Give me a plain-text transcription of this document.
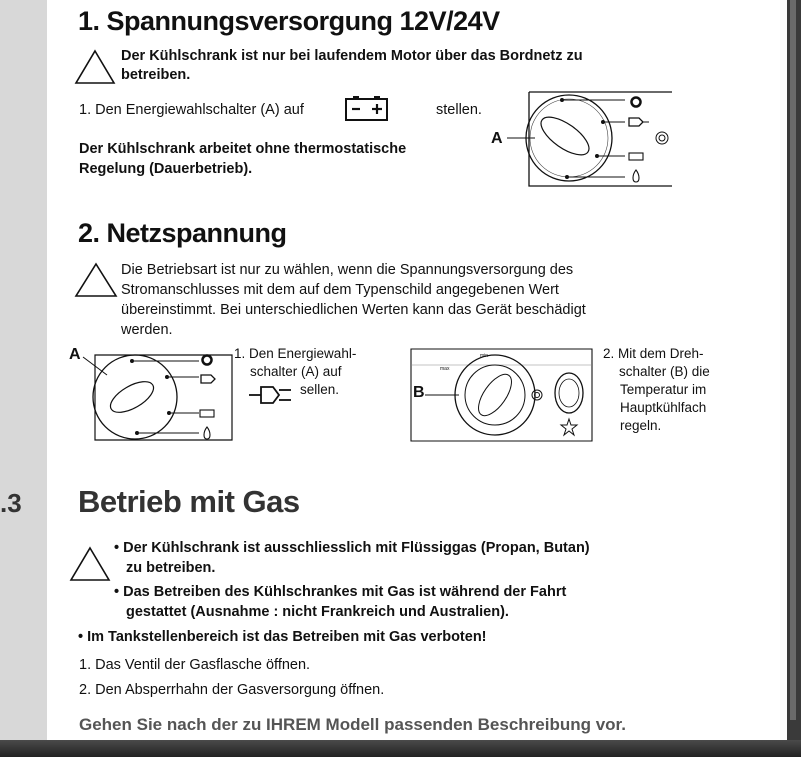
.3
1. Spannungsversorgung 12V/24V
Der Kühlschrank ist nur bei laufendem Motor über das Bordnetz zu
betreiben.
1. Den Energiewahlschalter (A) auf	stellen.
Der Kühlschrank arbeitet ohne thermostatische
Regelung (Dauerbetrieb).
A
2. Netzspannung
Die Betriebsart ist nur zu wählen, wenn die Spannungsversorgung des
Stromanschlusses mit dem auf dem Typenschild angegebenen Wert
übereinstimmt. Bei unterschiedlichen Werten kann das Gerät beschädigt
werden.
A	1. Den Energiewahl-
schalter (A) auf
sellen.	B
min
max
2. Mit dem Dreh-
schalter (B) die
Temperatur im
Hauptkühlfach
regeln.
Betrieb mit Gas
• Der Kühlschrank ist ausschliesslich mit Flüssiggas (Propan, Butan)
zu betreiben.
• Das Betreiben des Kühlschrankes mit Gas ist während der Fahrt
gestattet (Ausnahme : nicht Frankreich und Australien).
• Im Tankstellenbereich ist das Betreiben mit Gas verboten!
1. Das Ventil der Gasflasche öffnen.
2. Den Absperrhahn der Gasversorgung öffnen.
Gehen Sie nach der zu IHREM Modell passenden Beschreibung vor.
